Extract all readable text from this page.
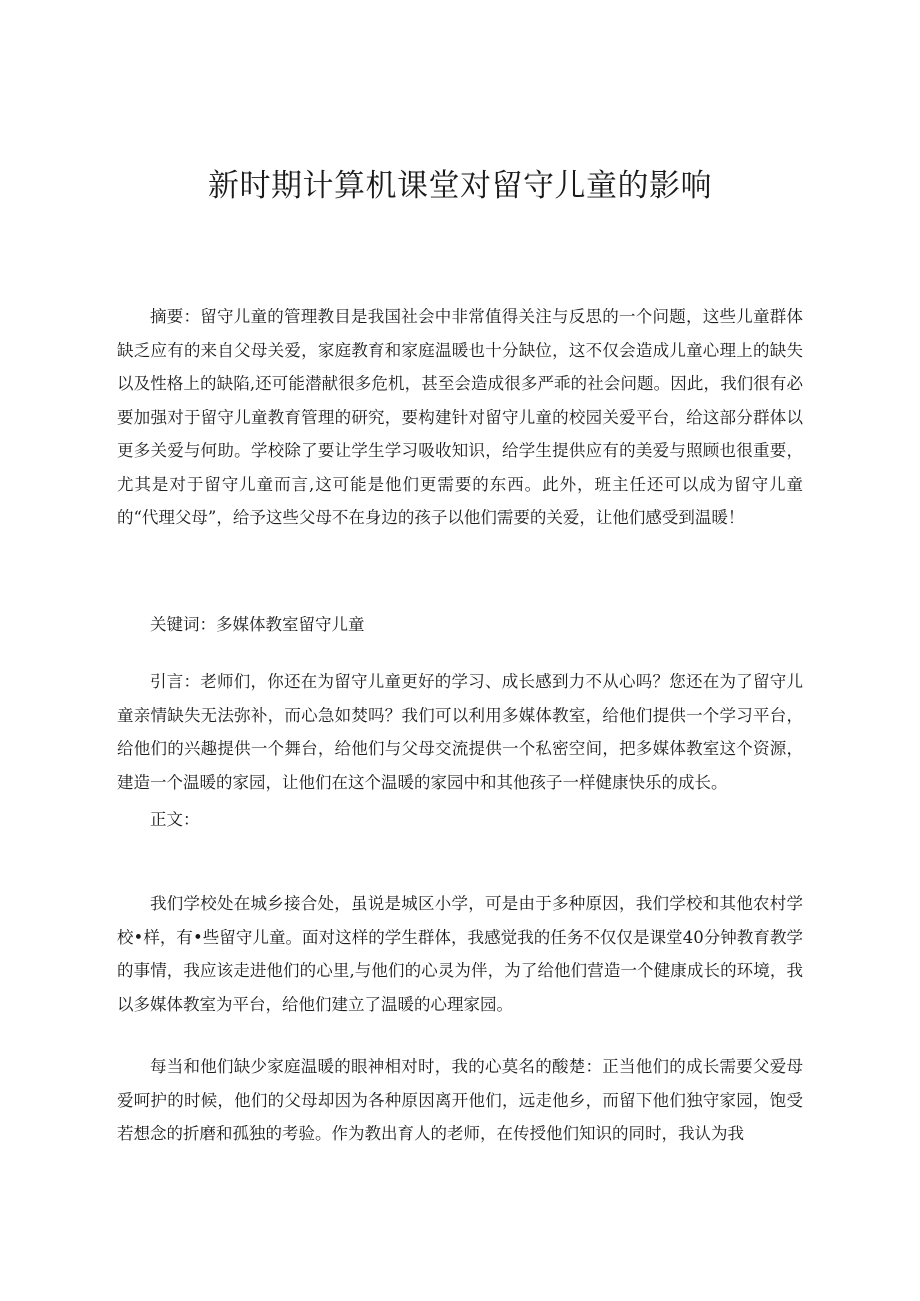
新时期计算机课堂对留守儿童的影响

摘要：留守儿童的管理教目是我国社会中非常值得关注与反思的一个问题，这些儿童群体缺乏应有的来自父母关爱，家庭教育和家庭温暖也十分缺位，这不仅会造成儿童心理上的缺失以及性格上的缺陷,还可能潜献很多危机，甚至会造成很多严乖的社会问题。因此，我们很有必要加强对于留守儿童教育管理的研究，要构建针对留守儿童的校园关爱平台，给这部分群体以更多关爱与何助。学校除了要让学生学习吸收知识，给学生提供应有的美爱与照顾也很重要，尤其是对于留守儿童而言,这可能是他们更需要的东西。此外，班主任还可以成为留守儿童的“代理父母”，给予这些父母不在身边的孩子以他们需要的关爱，让他们感受到温暖！

关键词：多媒体教室留守儿童

引言：老师们，你还在为留守儿童更好的学习、成长感到力不从心吗？您还在为了留守儿童亲情缺失无法弥补，而心急如焚吗？我们可以利用多媒体教室，给他们提供一个学习平台，给他们的兴趣提供一个舞台，给他们与父母交流提供一个私密空间，把多媒体教室这个资源，建造一个温暖的家园，让他们在这个温暖的家园中和其他孩子一样健康快乐的成长。

正文：

我们学校处在城乡接合处，虽说是城区小学，可是由于多种原因，我们学校和其他农村学校•样，有•些留守儿童。面对这样的学生群体，我感觉我的任务不仅仅是课堂40分钟教育教学的事情，我应该走进他们的心里,与他们的心灵为伴，为了给他们营造一个健康成长的环境，我以多媒体教室为平台，给他们建立了温暖的心理家园。

每当和他们缺少家庭温暖的眼神相对时，我的心莫名的酸楚：正当他们的成长需要父爱母爱呵护的时候，他们的父母却因为各种原因离开他们，远走他乡，而留下他们独守家园，饱受若想念的折磨和孤独的考验。作为教出育人的老师，在传授他们知识的同时，我认为我
